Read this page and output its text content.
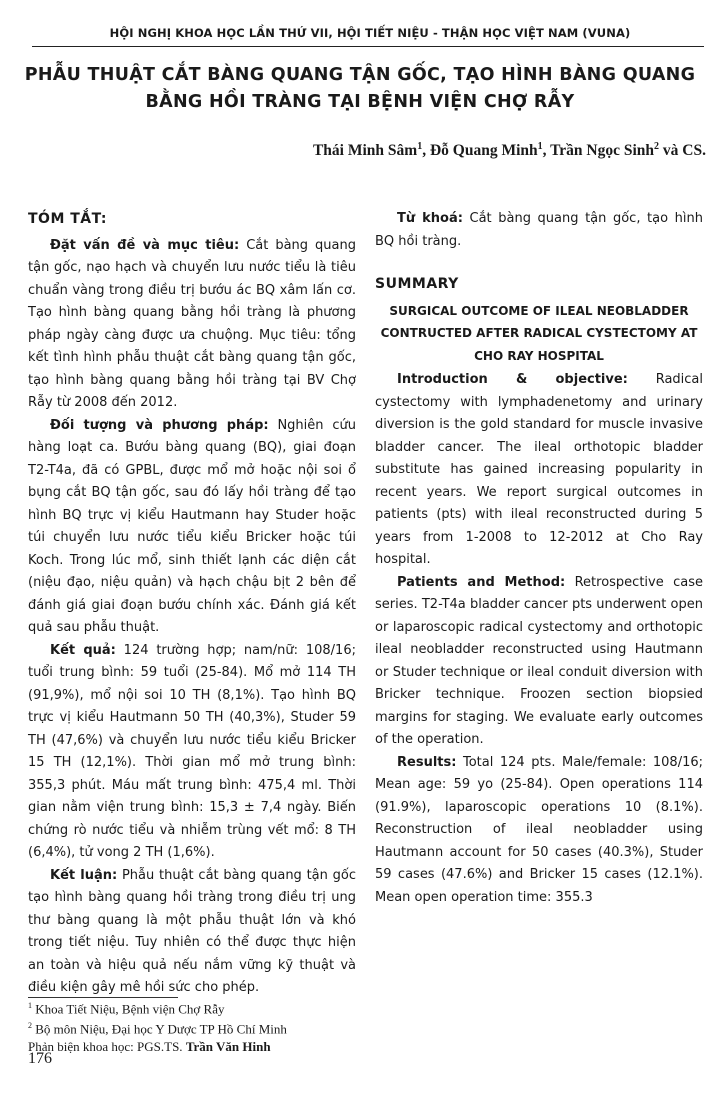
HỘI NGHỊ KHOA HỌC LẦN THỨ VII, HỘI TIẾT NIỆU - THẬN HỌC VIỆT NAM (VUNA)
PHẪU THUẬT CẮT BÀNG QUANG TẬN GỐC, TẠO HÌNH BÀNG QUANG
BẰNG HỒI TRÀNG TẠI BỆNH VIỆN CHỢ RẪY
Thái Minh Sâm$^1$, Đỗ Quang Minh$^1$, Trần Ngọc Sinh$^2$ và CS.
TÓM TẮT:

Đặt vấn đề và mục tiêu: Cắt bàng quang tận gốc, nạo hạch và chuyển lưu nước tiểu là tiêu chuẩn vàng trong điều trị bướu ác BQ xâm lấn cơ. Tạo hình bàng quang bằng hồi tràng là phương pháp ngày càng được ưa chuộng. Mục tiêu: tổng kết tình hình phẫu thuật cắt bàng quang tận gốc, tạo hình bàng quang bằng hồi tràng tại BV Chợ Rẫy từ 2008 đến 2012.

Đối tượng và phương pháp: Nghiên cứu hàng loạt ca. Bướu bàng quang (BQ), giai đoạn T2-T4a, đã có GPBL, được mổ mở hoặc nội soi ổ bụng cắt BQ tận gốc, sau đó lấy hồi tràng để tạo hình BQ trực vị kiểu Hautmann hay Studer hoặc túi chuyển lưu nước tiểu kiểu Bricker hoặc túi Koch. Trong lúc mổ, sinh thiết lạnh các diện cắt (niệu đạo, niệu quản) và hạch chậu bịt 2 bên để đánh giá giai đoạn bướu chính xác. Đánh giá kết quả sau phẫu thuật.

Kết quả: 124 trường hợp; nam/nữ: 108/16; tuổi trung bình: 59 tuổi (25-84). Mổ mở 114 TH (91,9%), mổ nội soi 10 TH (8,1%). Tạo hình BQ trực vị kiểu Hautmann 50 TH (40,3%), Studer 59 TH (47,6%) và chuyển lưu nước tiểu kiểu Bricker 15 TH (12,1%). Thời gian mổ mở trung bình: 355,3 phút. Máu mất trung bình: 475,4 ml. Thời gian nằm viện trung bình: 15,3 ± 7,4 ngày. Biến chứng rò nước tiểu và nhiễm trùng vết mổ: 8 TH (6,4%), tử vong 2 TH (1,6%).

Kết luận: Phẫu thuật cắt bàng quang tận gốc tạo hình bàng quang hồi tràng trong điều trị ung thư bàng quang là một phẫu thuật lớn và khó trong tiết niệu. Tuy nhiên có thể được thực hiện an toàn và hiệu quả nếu nắm vững kỹ thuật và điều kiện gây mê hồi sức cho phép.

Từ khoá: Cắt bàng quang tận gốc, tạo hình BQ hồi tràng.

SUMMARY
SURGICAL OUTCOME OF ILEAL NEOBLADDER
CONTRUCTED AFTER RADICAL CYSTECTOMY AT
CHO RAY HOSPITAL

Introduction & objective: Radical cystectomy with lymphadenetomy and urinary diversion is the gold standard for muscle invasive bladder cancer. The ileal orthotopic bladder substitute has gained increasing popularity in recent years. We report surgical outcomes in patients (pts) with ileal reconstructed during 5 years from 1-2008 to 12-2012 at Cho Ray hospital.

Patients and Method: Retrospective case series. T2-T4a bladder cancer pts underwent open or laparoscopic radical cystectomy and orthotopic ileal neobladder reconstructed using Hautmann or Studer technique or ileal conduit diversion with Bricker technique. Froozen section biopsied margins for staging. We evaluate early outcomes of the operation.

Results: Total 124 pts. Male/female: 108/16; Mean age: 59 yo (25-84). Open operations 114 (91.9%), laparoscopic operations 10 (8.1%). Reconstruction of ileal neobladder using Hautmann account for 50 cases (40.3%), Studer 59 cases (47.6%) and Bricker 15 cases (12.1%). Mean open operation time: 355.3

$^1$ Khoa Tiết Niệu, Bệnh viện Chợ Rẫy
$^2$ Bộ môn Niệu, Đại học Y Dược TP Hồ Chí Minh
Phản biện khoa học: PGS.TS. Trần Văn Hinh
176
